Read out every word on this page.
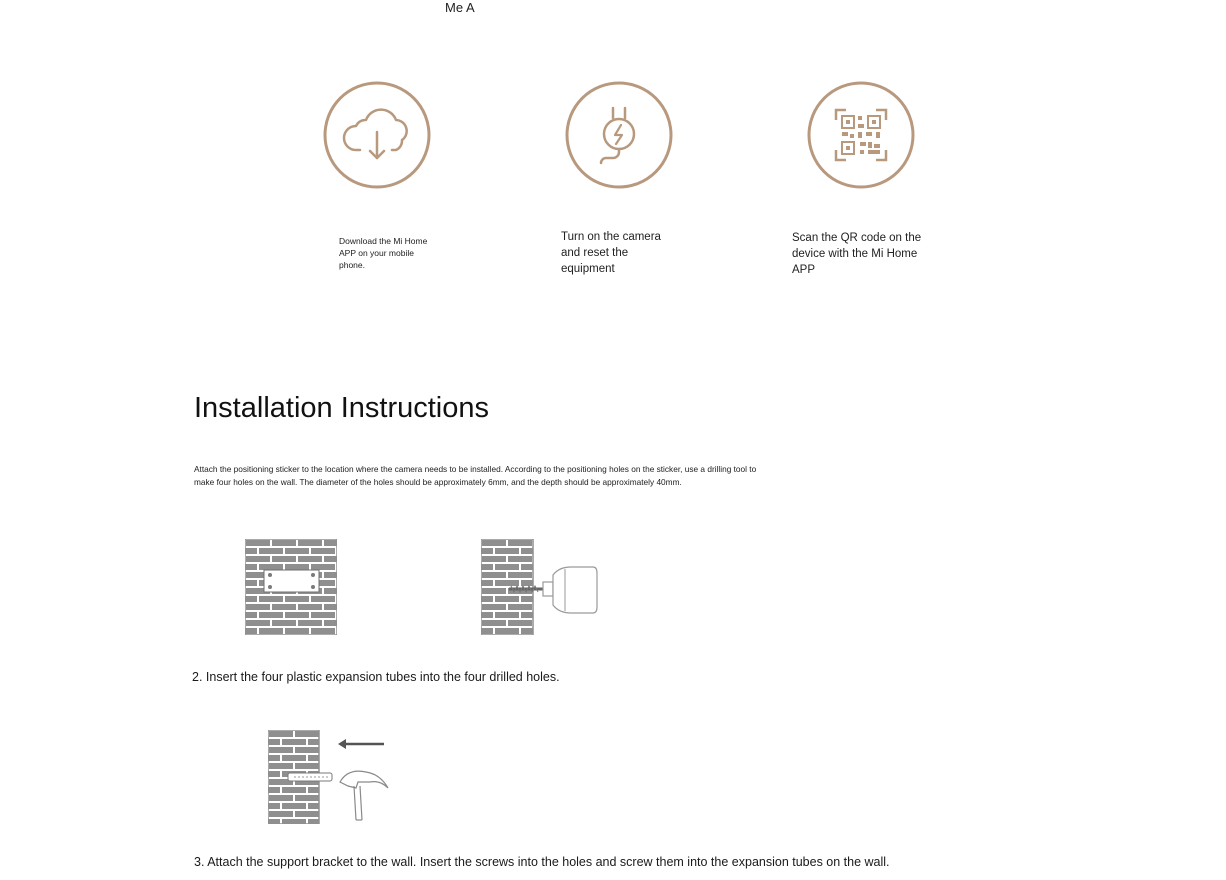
Me A
Download the Mi Home APP on your mobile phone.
Turn on the camera and reset the equipment
Scan the QR code on the device with the Mi Home APP
Installation Instructions
Attach the positioning sticker to the location where the camera needs to be installed. According to the positioning holes on the sticker, use a drilling tool to make four holes on the wall. The diameter of the holes should be approximately 6mm, and the depth should be approximately 40mm.
2. Insert the four plastic expansion tubes into the four drilled holes.
3. Attach the support bracket to the wall. Insert the screws into the holes and screw them into the expansion tubes on the wall.
